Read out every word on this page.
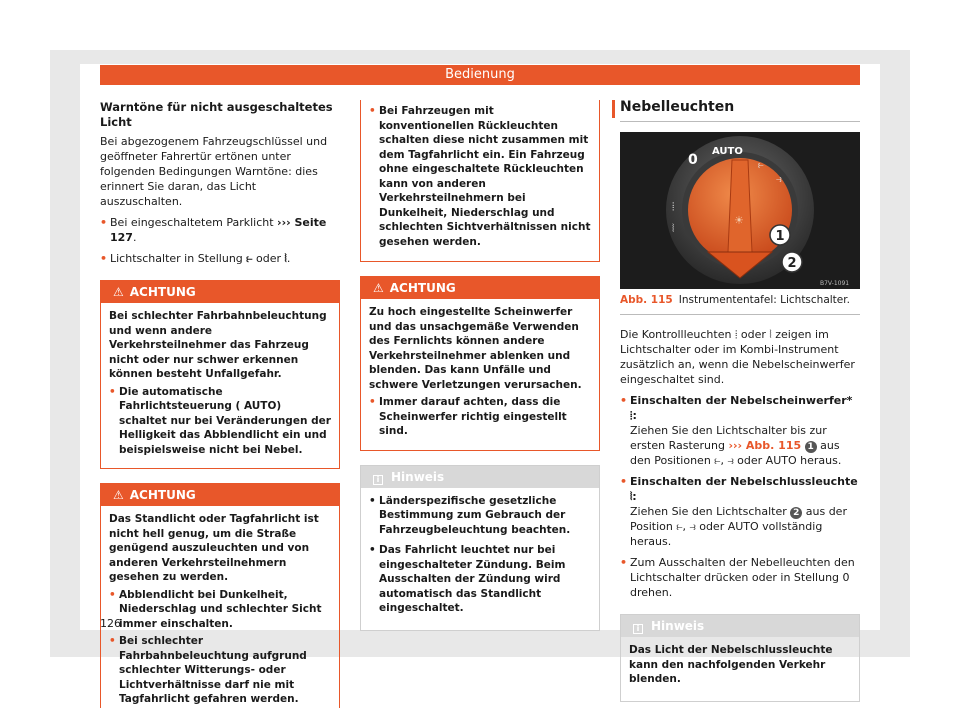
Bedienung
Warntöne für nicht ausgeschaltetes Licht

Bei abgezogenem Fahrzeugschlüssel und geöffneter Fahrertür ertönen unter folgenden Bedingungen Warntöne: dies erinnert Sie daran, das Licht auszuschalten.

• Bei eingeschaltetem Parklicht ››› Seite 127.
• Lichtschalter in Stellung ⥼ oder ⦚.
⚠ ACHTUNG

Bei schlechter Fahrbahnbeleuchtung und wenn andere Verkehrsteilnehmer das Fahrzeug nicht oder nur schwer erkennen können besteht Unfallgefahr.

• Die automatische Fahrlichtsteuerung ( AUTO) schaltet nur bei Veränderungen der Helligkeit das Abblendlicht ein und beispielsweise nicht bei Nebel.
⚠ ACHTUNG

Das Standlicht oder Tagfahrlicht ist nicht hell genug, um die Straße genügend auszuleuchten und von anderen Verkehrsteilnehmern gesehen zu werden.

• Abblendlicht bei Dunkelheit, Niederschlag und schlechter Sicht immer einschalten.
• Bei schlechter Fahrbahnbeleuchtung aufgrund schlechter Witterungs- oder Lichtverhältnisse darf nie mit Tagfahrlicht gefahren werden.
• Bei Fahrzeugen mit konventionellen Rückleuchten schalten diese nicht zusammen mit dem Tagfahrlicht ein. Ein Fahrzeug ohne eingeschaltete Rückleuchten kann von anderen Verkehrsteilnehmern bei Dunkelheit, Niederschlag und schlechten Sichtverhältnissen nicht gesehen werden.
⚠ ACHTUNG

Zu hoch eingestellte Scheinwerfer und das unsachgemäße Verwenden des Fernlichts können andere Verkehrsteilnehmer ablenken und blenden. Das kann Unfälle und schwere Verletzungen verursachen.

• Immer darauf achten, dass die Scheinwerfer richtig eingestellt sind.
i Hinweis
• Länderspezifische gesetzliche Bestimmung zum Gebrauch der Fahrzeugbeleuchtung beachten.
• Das Fahrlicht leuchtet nur bei eingeschalteter Zündung. Beim Ausschalten der Zündung wird automatisch das Standlicht eingeschaltet.
Nebelleuchten
0
AUTO
⥼
⥽
⦙
⦚
☀
1
2
B7V-1091
Abb. 115 Instrumententafel: Lichtschalter.

Die Kontrollleuchten ⦙ oder ⦚ zeigen im Lichtschalter oder im Kombi-Instrument zusätzlich an, wenn die Nebelscheinwerfer eingeschaltet sind.

• Einschalten der Nebelscheinwerfer* ⦙:
Ziehen Sie den Lichtschalter bis zur ersten Rasterung ››› Abb. 115 1 aus den Positionen ⥼, ⥽ oder AUTO heraus.
• Einschalten der Nebelschlussleuchte ⦚:
Ziehen Sie den Lichtschalter 2 aus der Position ⥼, ⥽ oder AUTO vollständig heraus.
• Zum Ausschalten der Nebelleuchten den Lichtschalter drücken oder in Stellung 0 drehen.
i Hinweis

Das Licht der Nebelschlussleuchte kann den nachfolgenden Verkehr blenden.

126
